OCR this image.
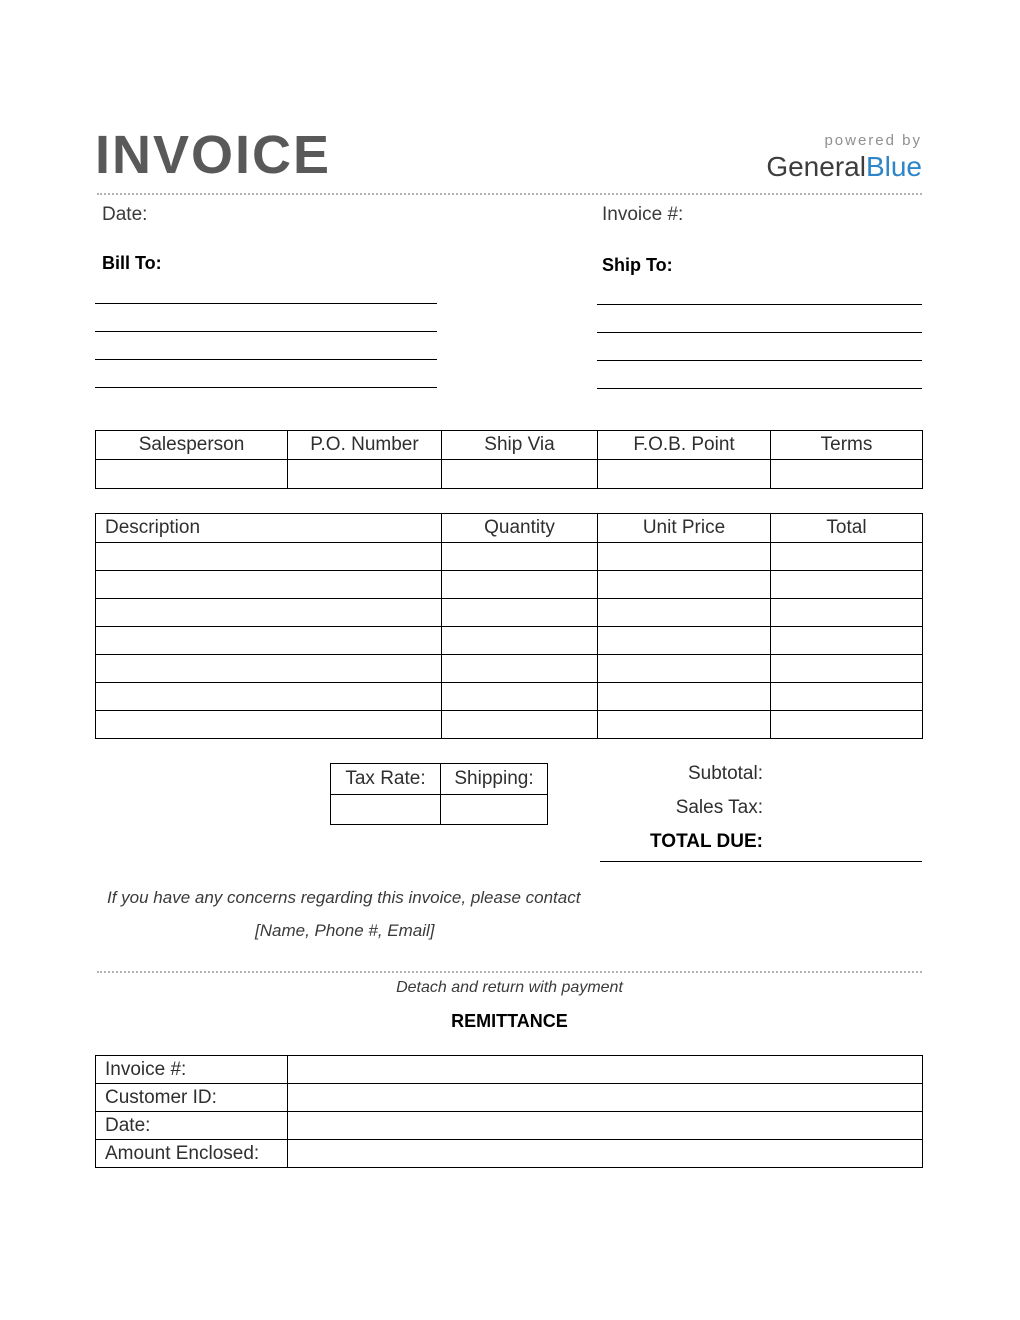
INVOICE	powered by
GeneralBlue
Date:	Invoice #:
Bill To:	Ship To:
Salesperson	P.O. Number	Ship Via	F.O.B. Point	Terms

Description	Quantity	Unit Price	Total

Tax Rate:	Shipping:
		Subtotal:
Sales Tax:
TOTAL DUE:
If you have any concerns regarding this invoice, please contact
[Name, Phone #, Email]
Detach and return with payment
REMITTANCE
Invoice #:	
Customer ID:	
Date:	
Amount Enclosed:	
